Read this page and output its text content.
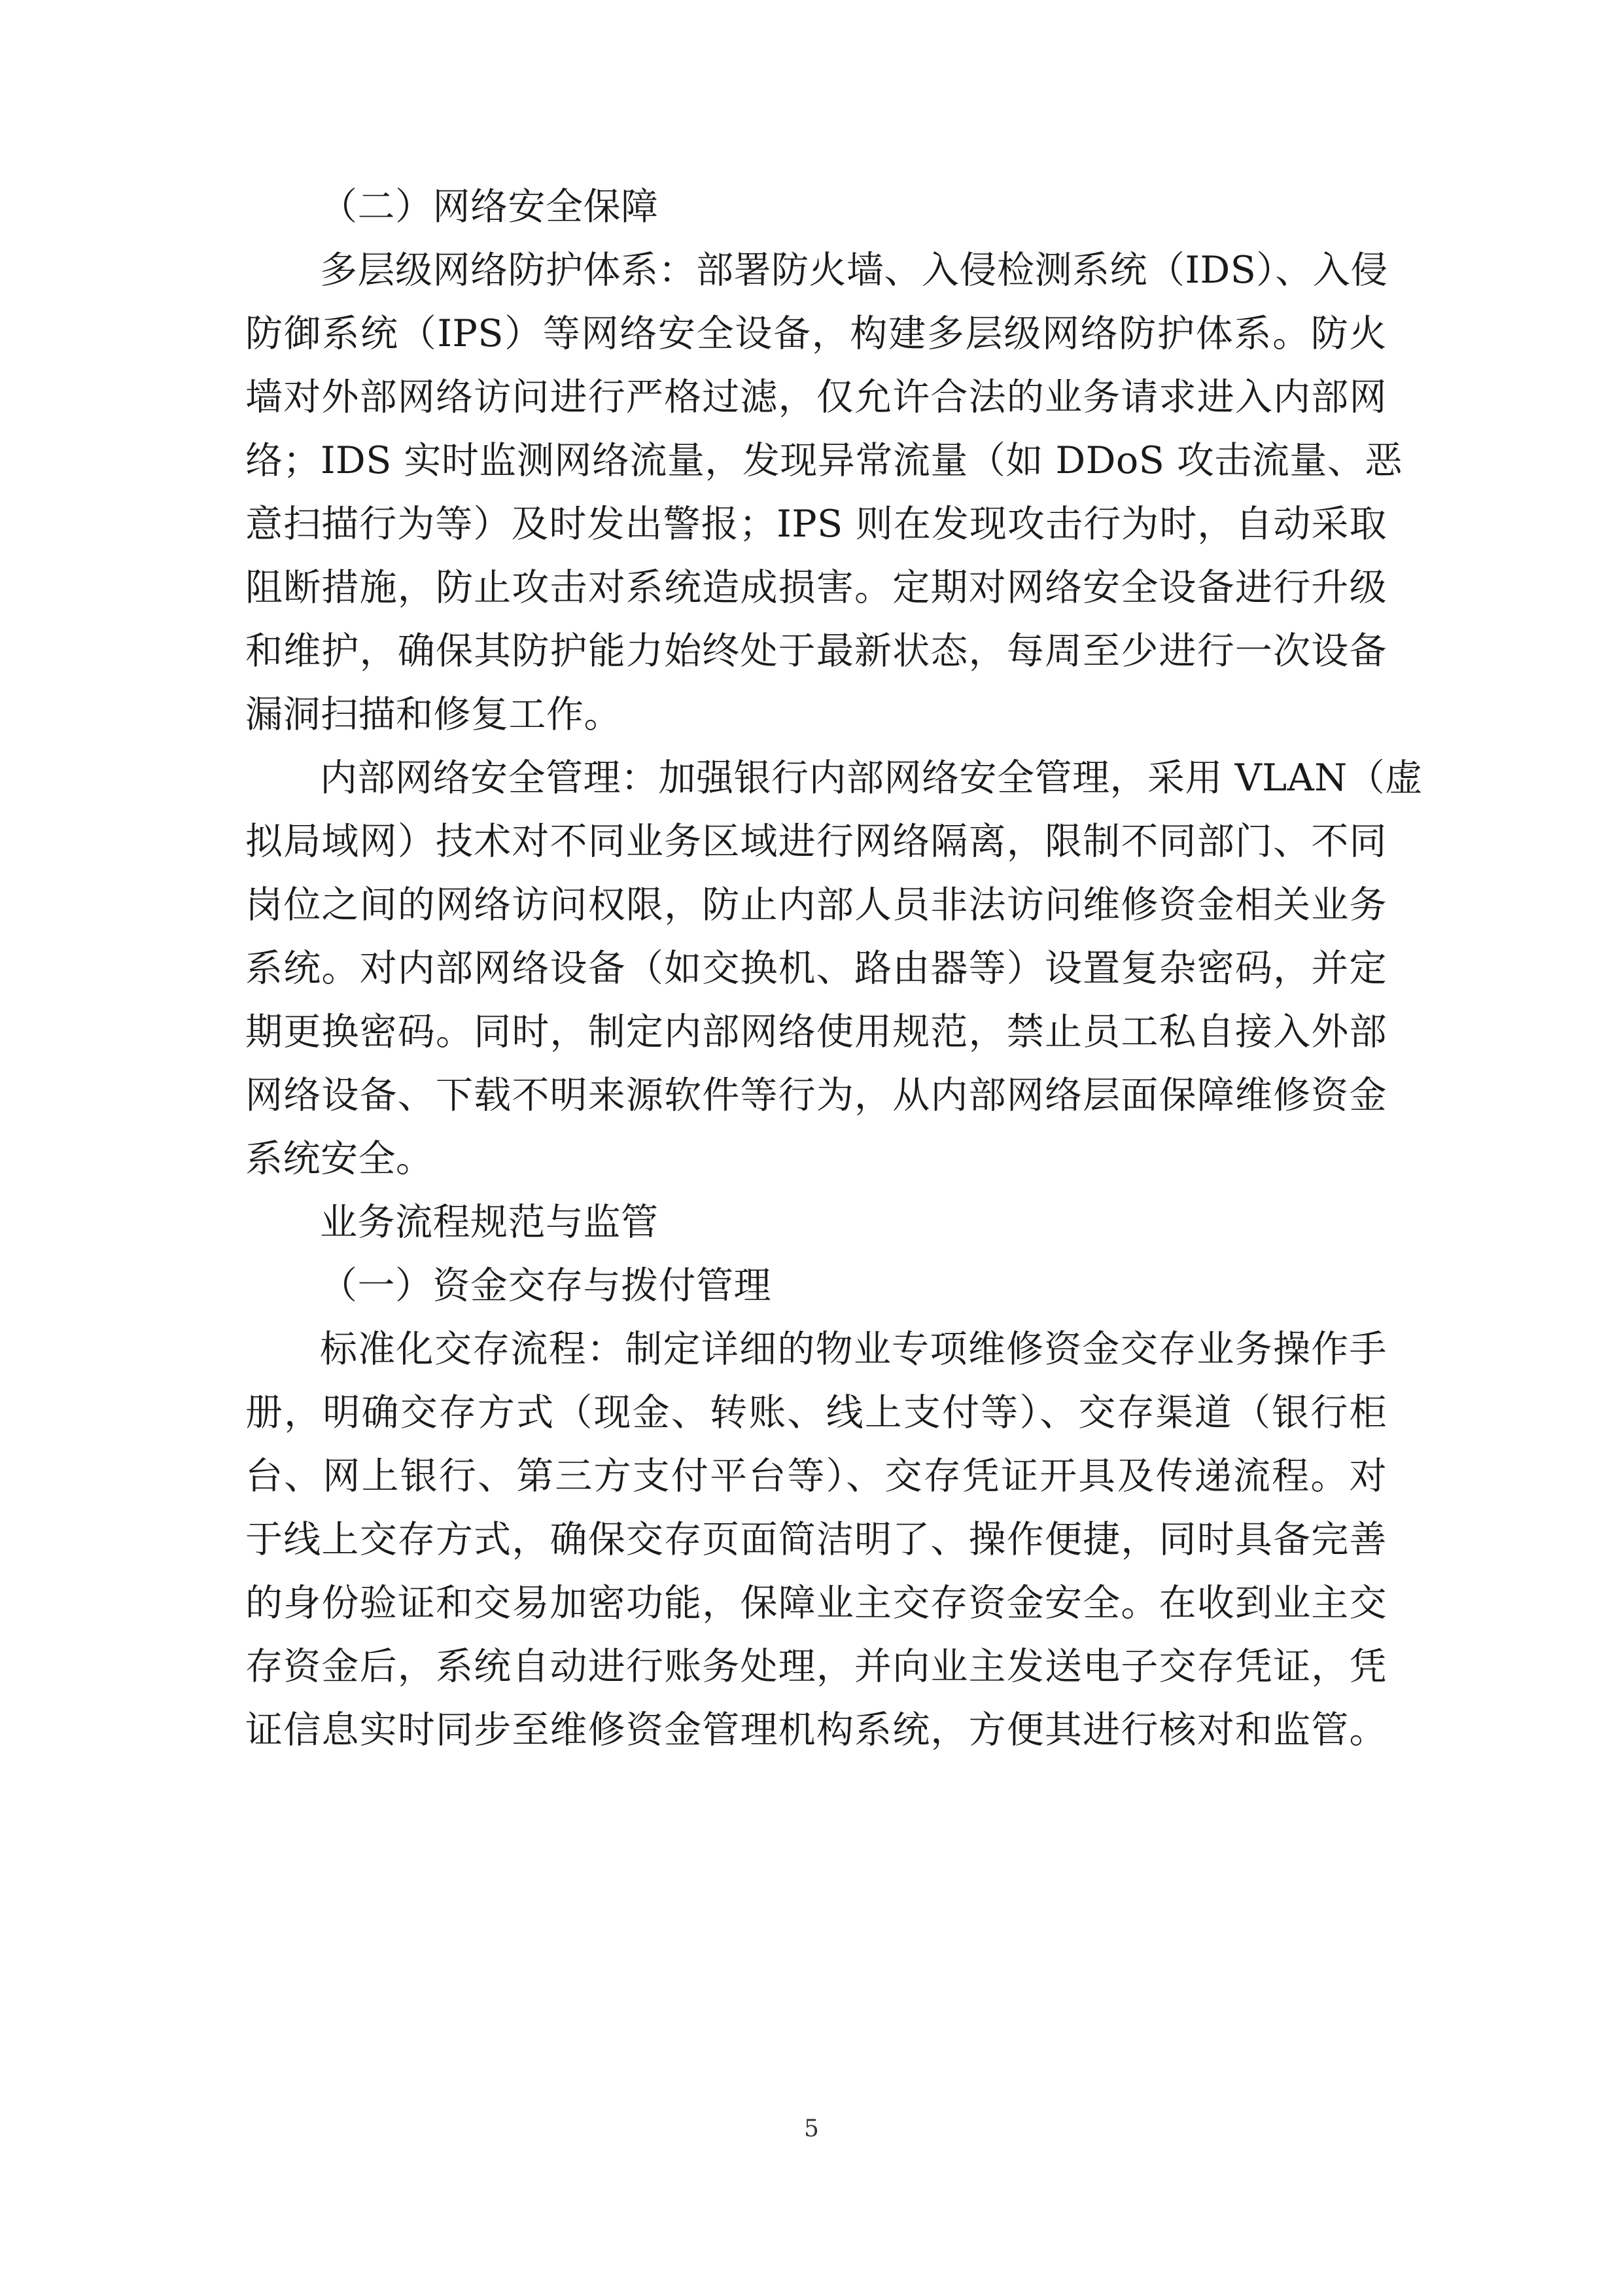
（二）网络安全保障

多层级网络防护体系：部署防火墙、入侵检测系统（IDS）、入侵
防御系统（IPS）等网络安全设备，构建多层级网络防护体系。防火
墙对外部网络访问进行严格过滤，仅允许合法的业务请求进入内部网
络；IDS 实时监测网络流量，发现异常流量（如 DDoS 攻击流量、恶
意扫描行为等）及时发出警报；IPS 则在发现攻击行为时，自动采取
阻断措施，防止攻击对系统造成损害。定期对网络安全设备进行升级
和维护，确保其防护能力始终处于最新状态，每周至少进行一次设备
漏洞扫描和修复工作。

内部网络安全管理：加强银行内部网络安全管理，采用 VLAN（虚
拟局域网）技术对不同业务区域进行网络隔离，限制不同部门、不同
岗位之间的网络访问权限，防止内部人员非法访问维修资金相关业务
系统。对内部网络设备（如交换机、路由器等）设置复杂密码，并定
期更换密码。同时，制定内部网络使用规范，禁止员工私自接入外部
网络设备、下载不明来源软件等行为，从内部网络层面保障维修资金
系统安全。

业务流程规范与监管

（一）资金交存与拨付管理

标准化交存流程：制定详细的物业专项维修资金交存业务操作手
册，明确交存方式（现金、转账、线上支付等）、交存渠道（银行柜
台、网上银行、第三方支付平台等）、交存凭证开具及传递流程。对
于线上交存方式，确保交存页面简洁明了、操作便捷，同时具备完善
的身份验证和交易加密功能，保障业主交存资金安全。在收到业主交
存资金后，系统自动进行账务处理，并向业主发送电子交存凭证，凭
证信息实时同步至维修资金管理机构系统，方便其进行核对和监管。

5
